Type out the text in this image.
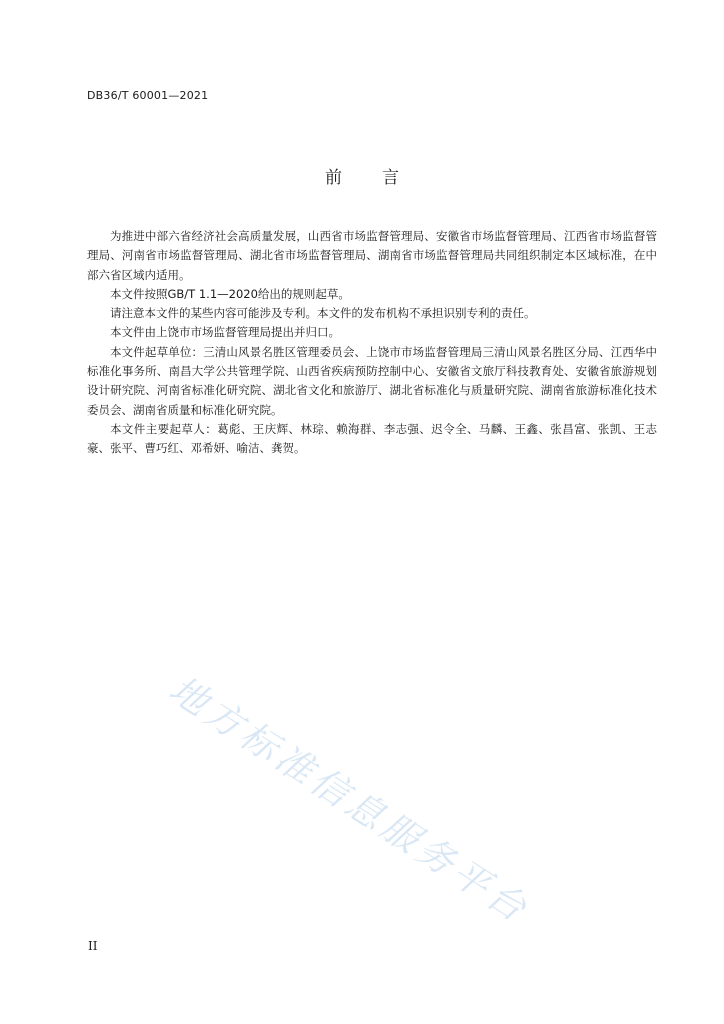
DB36/T 60001—2021
前言

为推进中部六省经济社会高质量发展，山西省市场监督管理局、安徽省市场监督管理局、江西省市场监督管理局、河南省市场监督管理局、湖北省市场监督管理局、湖南省市场监督管理局共同组织制定本区域标准，在中部六省区域内适用。

本文件按照GB/T 1.1—2020给出的规则起草。

请注意本文件的某些内容可能涉及专利。本文件的发布机构不承担识别专利的责任。

本文件由上饶市市场监督管理局提出并归口。

本文件起草单位：三清山风景名胜区管理委员会、上饶市市场监督管理局三清山风景名胜区分局、江西华中标准化事务所、南昌大学公共管理学院、山西省疾病预防控制中心、安徽省文旅厅科技教育处、安徽省旅游规划设计研究院、河南省标准化研究院、湖北省文化和旅游厅、湖北省标准化与质量研究院、湖南省旅游标准化技术委员会、湖南省质量和标准化研究院。

本文件主要起草人：葛彪、王庆辉、林琮、赖海群、李志强、迟令全、马麟、王鑫、张昌富、张凯、王志豪、张平、曹巧红、邓希妍、喻洁、龚贺。

地方标准信息服务平台
II
